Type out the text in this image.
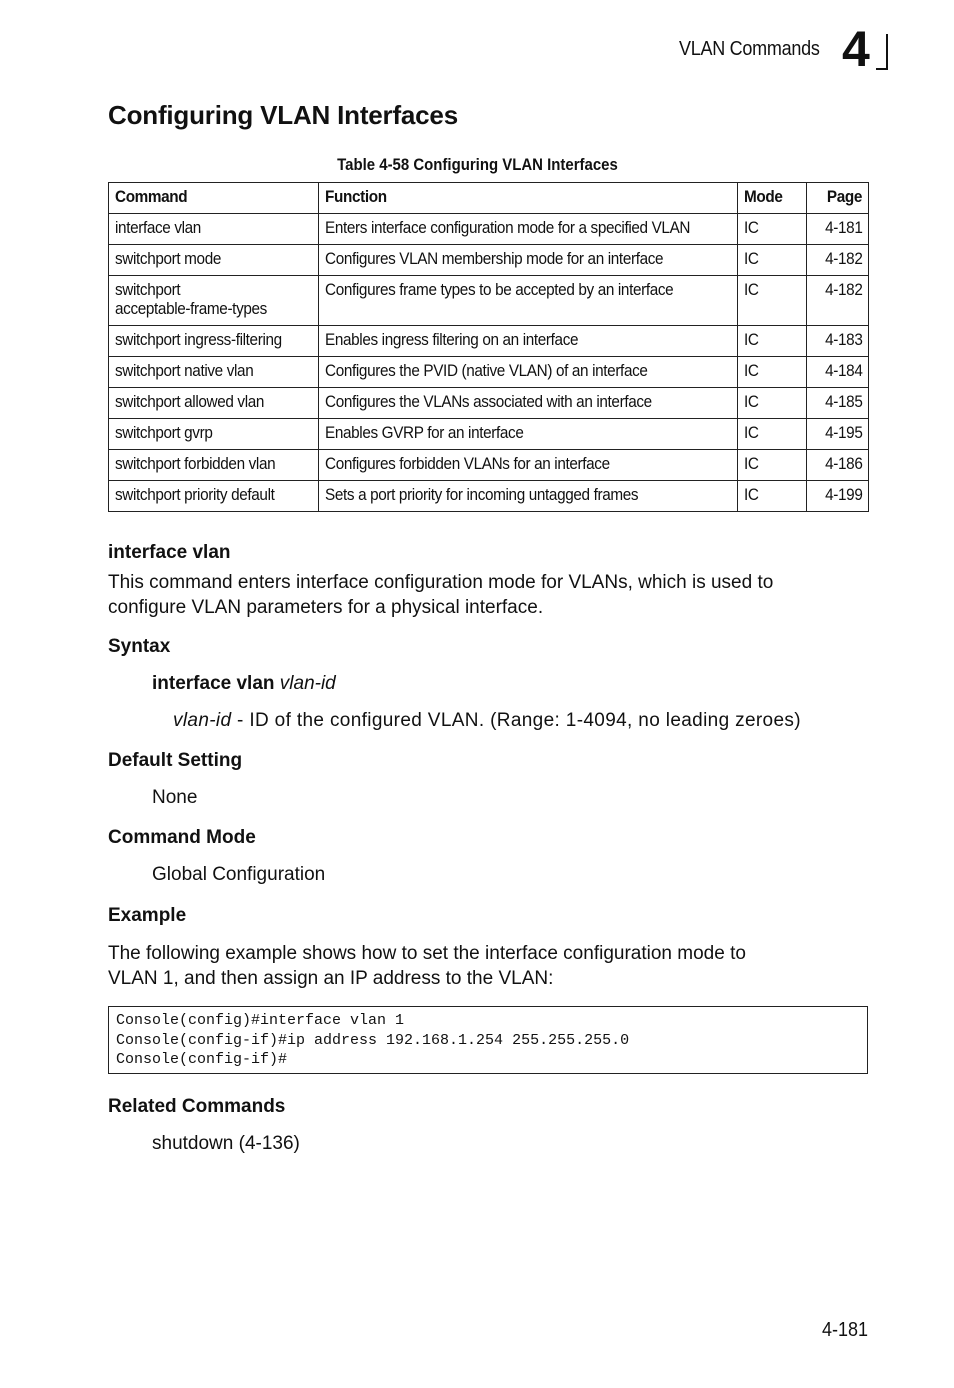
VLAN Commands 4
Configuring VLAN Interfaces
Table 4-58 Configuring VLAN Interfaces
Command	Function	Mode	Page
interface vlan	Enters interface configuration mode for a specified VLAN	IC	4-181
switchport mode	Configures VLAN membership mode for an interface	IC	4-182
switchport
acceptable-frame-types	Configures frame types to be accepted by an interface	IC	4-182
switchport ingress-filtering	Enables ingress filtering on an interface	IC	4-183
switchport native vlan	Configures the PVID (native VLAN) of an interface	IC	4-184
switchport allowed vlan	Configures the VLANs associated with an interface	IC	4-185
switchport gvrp	Enables GVRP for an interface	IC	4-195
switchport forbidden vlan	Configures forbidden VLANs for an interface	IC	4-186
switchport priority default	Sets a port priority for incoming untagged frames	IC	4-199
interface vlan
This command enters interface configuration mode for VLANs, which is used to
configure VLAN parameters for a physical interface.
Syntax
interface vlan vlan-id
vlan-id - ID of the configured VLAN. (Range: 1-4094, no leading zeroes)
Default Setting
None
Command Mode
Global Configuration
Example
The following example shows how to set the interface configuration mode to
VLAN 1, and then assign an IP address to the VLAN:
Console(config)#interface vlan 1
Console(config-if)#ip address 192.168.1.254 255.255.255.0
Console(config-if)#
Related Commands
shutdown (4-136)
4-181
